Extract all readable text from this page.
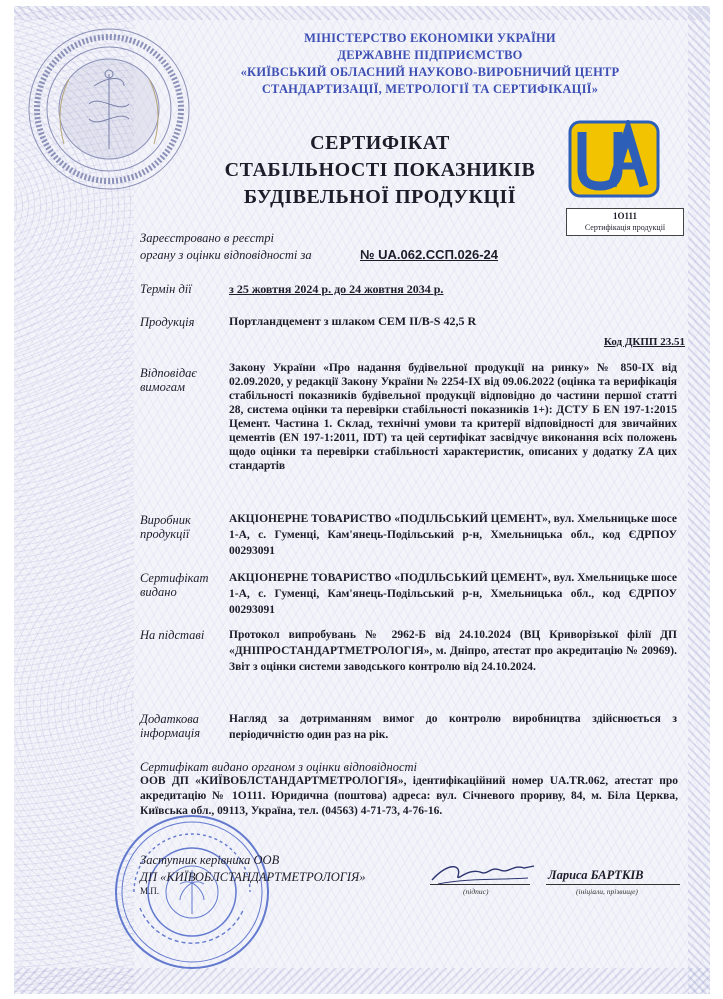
МІНІСТЕРСТВО ЕКОНОМІКИ УКРАЇНИ
ДЕРЖАВНЕ ПІДПРИЄМСТВО
«КИЇВСЬКИЙ ОБЛАСНИЙ НАУКОВО-ВИРОБНИЧИЙ ЦЕНТР
СТАНДАРТИЗАЦІЇ, МЕТРОЛОГІЇ ТА СЕРТИФІКАЦІЇ»
СЕРТИФІКАТ
СТАБІЛЬНОСТІ ПОКАЗНИКІВ
БУДІВЕЛЬНОЇ ПРОДУКЦІЇ
1O111
Сертифікація продукції
Зареєстровано в реєстрі
органу з оцінки відповідності за	№ UA.062.ССП.026-24
Термін дії	з 25 жовтня 2024 р. до 24 жовтня 2034 р.
Продукція	Портландцемент з шлаком CEM II/B-S 42,5 R
Код ДКПП 23.51
Відповідає
вимогам
Закону України «Про надання будівельної продукції на ринку» № 850-IX від 02.09.2020, у редакції Закону України № 2254-IX від 09.06.2022 (оцінка та верифікація стабільності показників будівельної продукції відповідно до частини першої статті 28, система оцінки та перевірки стабільності показників 1+): ДСТУ Б EN 197-1:2015 Цемент. Частина 1. Склад, технічні умови та критерії відповідності для звичайних цементів (EN 197-1:2011, IDT) та цей сертифікат засвідчує виконання всіх положень щодо оцінки та перевірки стабільності характеристик, описаних у додатку ZA цих стандартів
Виробник
продукції
АКЦІОНЕРНЕ ТОВАРИСТВО «ПОДІЛЬСЬКИЙ ЦЕМЕНТ», вул. Хмельницьке шосе 1-А, с. Гуменці, Кам'янець-Подільський р-н, Хмельницька обл., код ЄДРПОУ 00293091
Сертифікат
видано
АКЦІОНЕРНЕ ТОВАРИСТВО «ПОДІЛЬСЬКИЙ ЦЕМЕНТ», вул. Хмельницьке шосе 1-А, с. Гуменці, Кам'янець-Подільський р-н, Хмельницька обл., код ЄДРПОУ 00293091
На підставі Протокол випробувань № 2962-Б від 24.10.2024 (ВЦ Криворізької філії ДП «ДНІПРОСТАНДАРТМЕТРОЛОГІЯ», м. Дніпро, атестат про акредитацію № 20969). Звіт з оцінки системи заводського контролю від 24.10.2024.
Додаткова
інформація
Нагляд за дотриманням вимог до контролю виробництва здійснюється з періодичністю один раз на рік.
Сертифікат видано органом з оцінки відповідності
ООВ ДП «КИЇВОБЛСТАНДАРТМЕТРОЛОГІЯ», ідентифікаційний номер UA.TR.062, атестат про акредитацію № 1О111. Юридична (поштова) адреса: вул. Січневого прориву, 84, м. Біла Церква, Київська обл., 09113, Україна, тел. (04563) 4-71-73, 4-76-16.
Заступник керівника ООВ
ДП «КИЇВОБЛСТАНДАРТМЕТРОЛОГІЯ»
М.П.	(підпис)
Лариса БАРТКІВ
(ініціали, прізвище)
